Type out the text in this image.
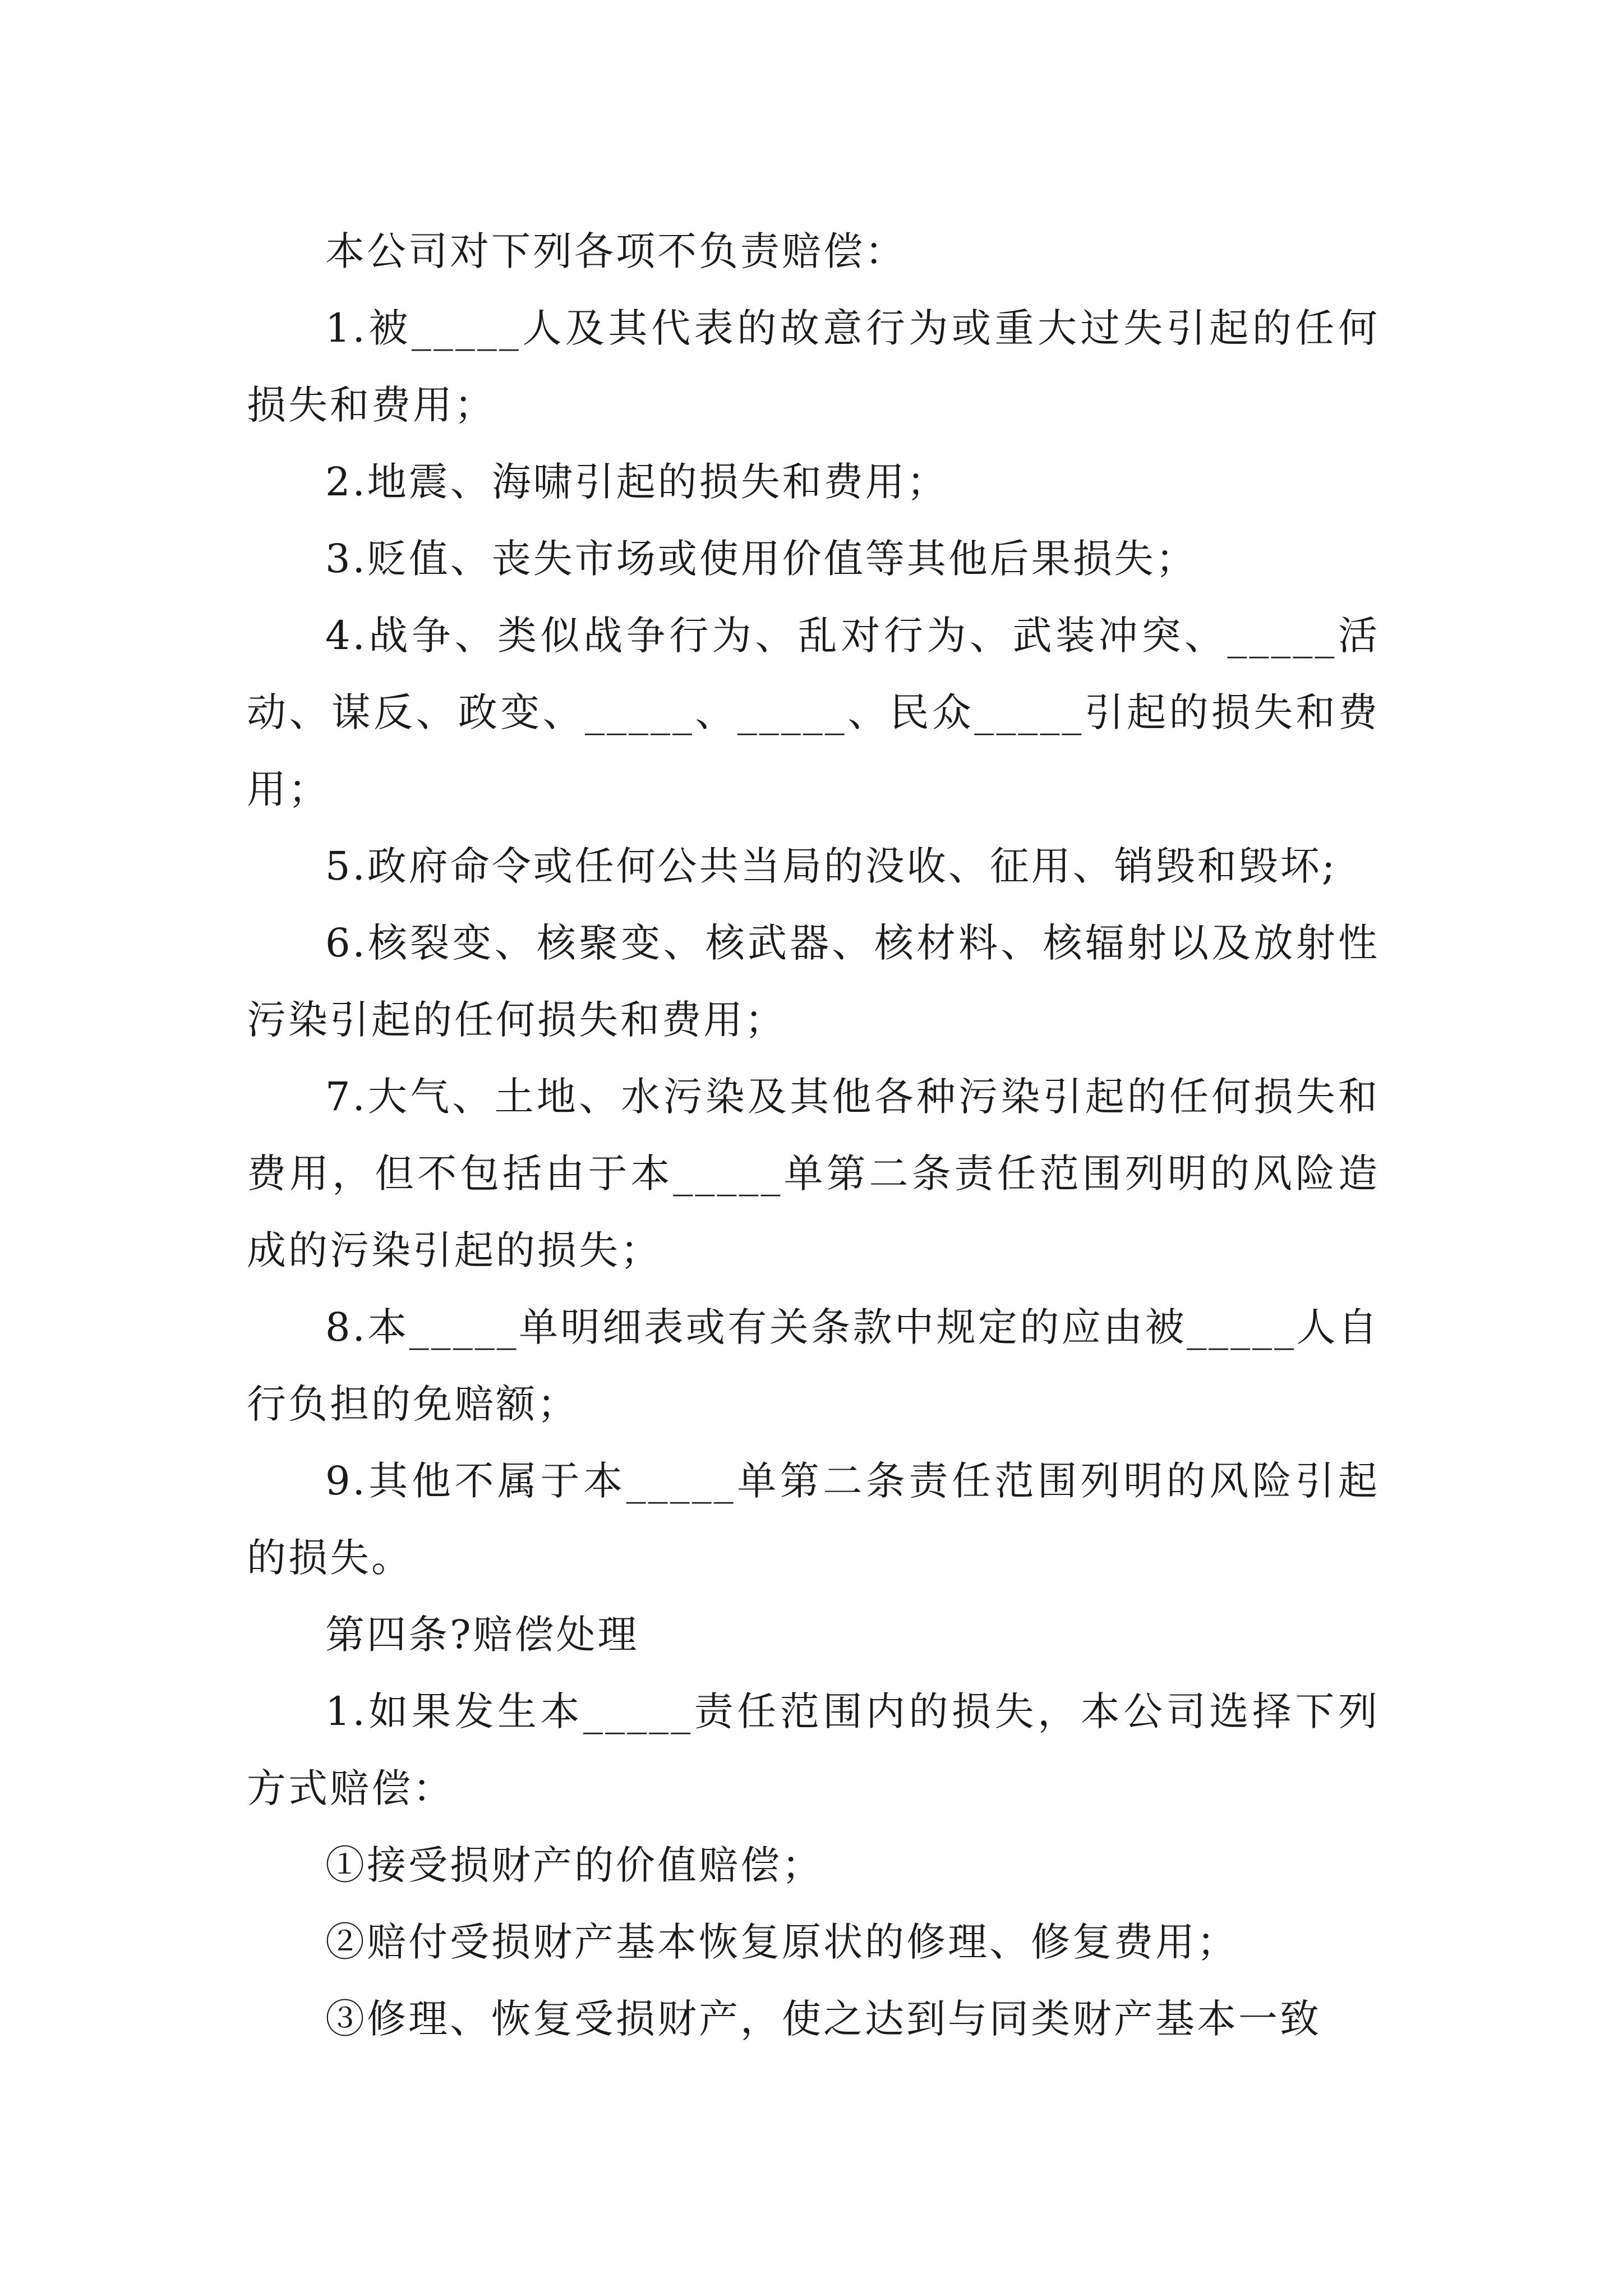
本公司对下列各项不负责赔偿：

1.被_____人及其代表的故意行为或重大过失引起的任何损失和费用；

2.地震、海啸引起的损失和费用；

3.贬值、丧失市场或使用价值等其他后果损失；

4.战争、类似战争行为、乱对行为、武装冲突、_____活动、谋反、政变、_____、_____、民众_____引起的损失和费用；

5.政府命令或任何公共当局的没收、征用、销毁和毁坏;

6.核裂变、核聚变、核武器、核材料、核辐射以及放射性污染引起的任何损失和费用；

7.大气、土地、水污染及其他各种污染引起的任何损失和费用，但不包括由于本_____单第二条责任范围列明的风险造成的污染引起的损失；

8.本_____单明细表或有关条款中规定的应由被_____人自行负担的免赔额；

9.其他不属于本_____单第二条责任范围列明的风险引起的损失。

第四条?赔偿处理

1.如果发生本_____责任范围内的损失，本公司选择下列方式赔偿：

①接受损财产的价值赔偿；

②赔付受损财产基本恢复原状的修理、修复费用；

③修理、恢复受损财产，使之达到与同类财产基本一致
